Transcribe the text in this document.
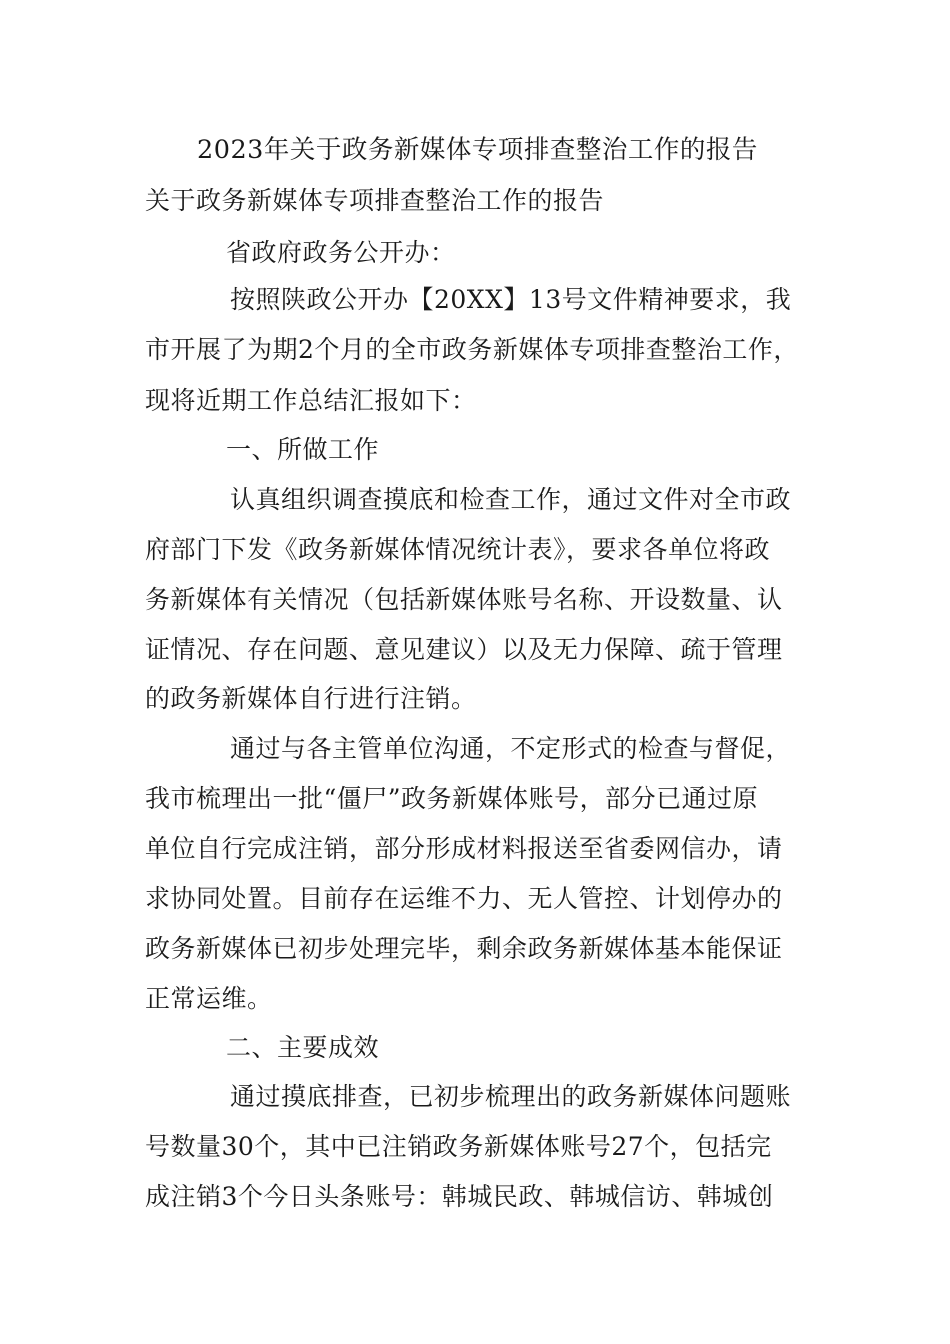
2023年关于政务新媒体专项排查整治工作的报告
关于政务新媒体专项排查整治工作的报告
省政府政务公开办：
按照陕政公开办【20XX】13号文件精神要求，我
市开展了为期2个月的全市政务新媒体专项排查整治工作，
现将近期工作总结汇报如下：
一、所做工作
认真组织调查摸底和检查工作，通过文件对全市政
府部门下发《政务新媒体情况统计表》，要求各单位将政
务新媒体有关情况（包括新媒体账号名称、开设数量、认
证情况、存在问题、意见建议）以及无力保障、疏于管理
的政务新媒体自行进行注销。
通过与各主管单位沟通，不定形式的检查与督促，
我市梳理出一批“僵尸”政务新媒体账号，部分已通过原
单位自行完成注销，部分形成材料报送至省委网信办，请
求协同处置。目前存在运维不力、无人管控、计划停办的
政务新媒体已初步处理完毕，剩余政务新媒体基本能保证
正常运维。
二、主要成效
通过摸底排查，已初步梳理出的政务新媒体问题账
号数量30个，其中已注销政务新媒体账号27个，包括完
成注销3个今日头条账号：韩城民政、韩城信访、韩城创
